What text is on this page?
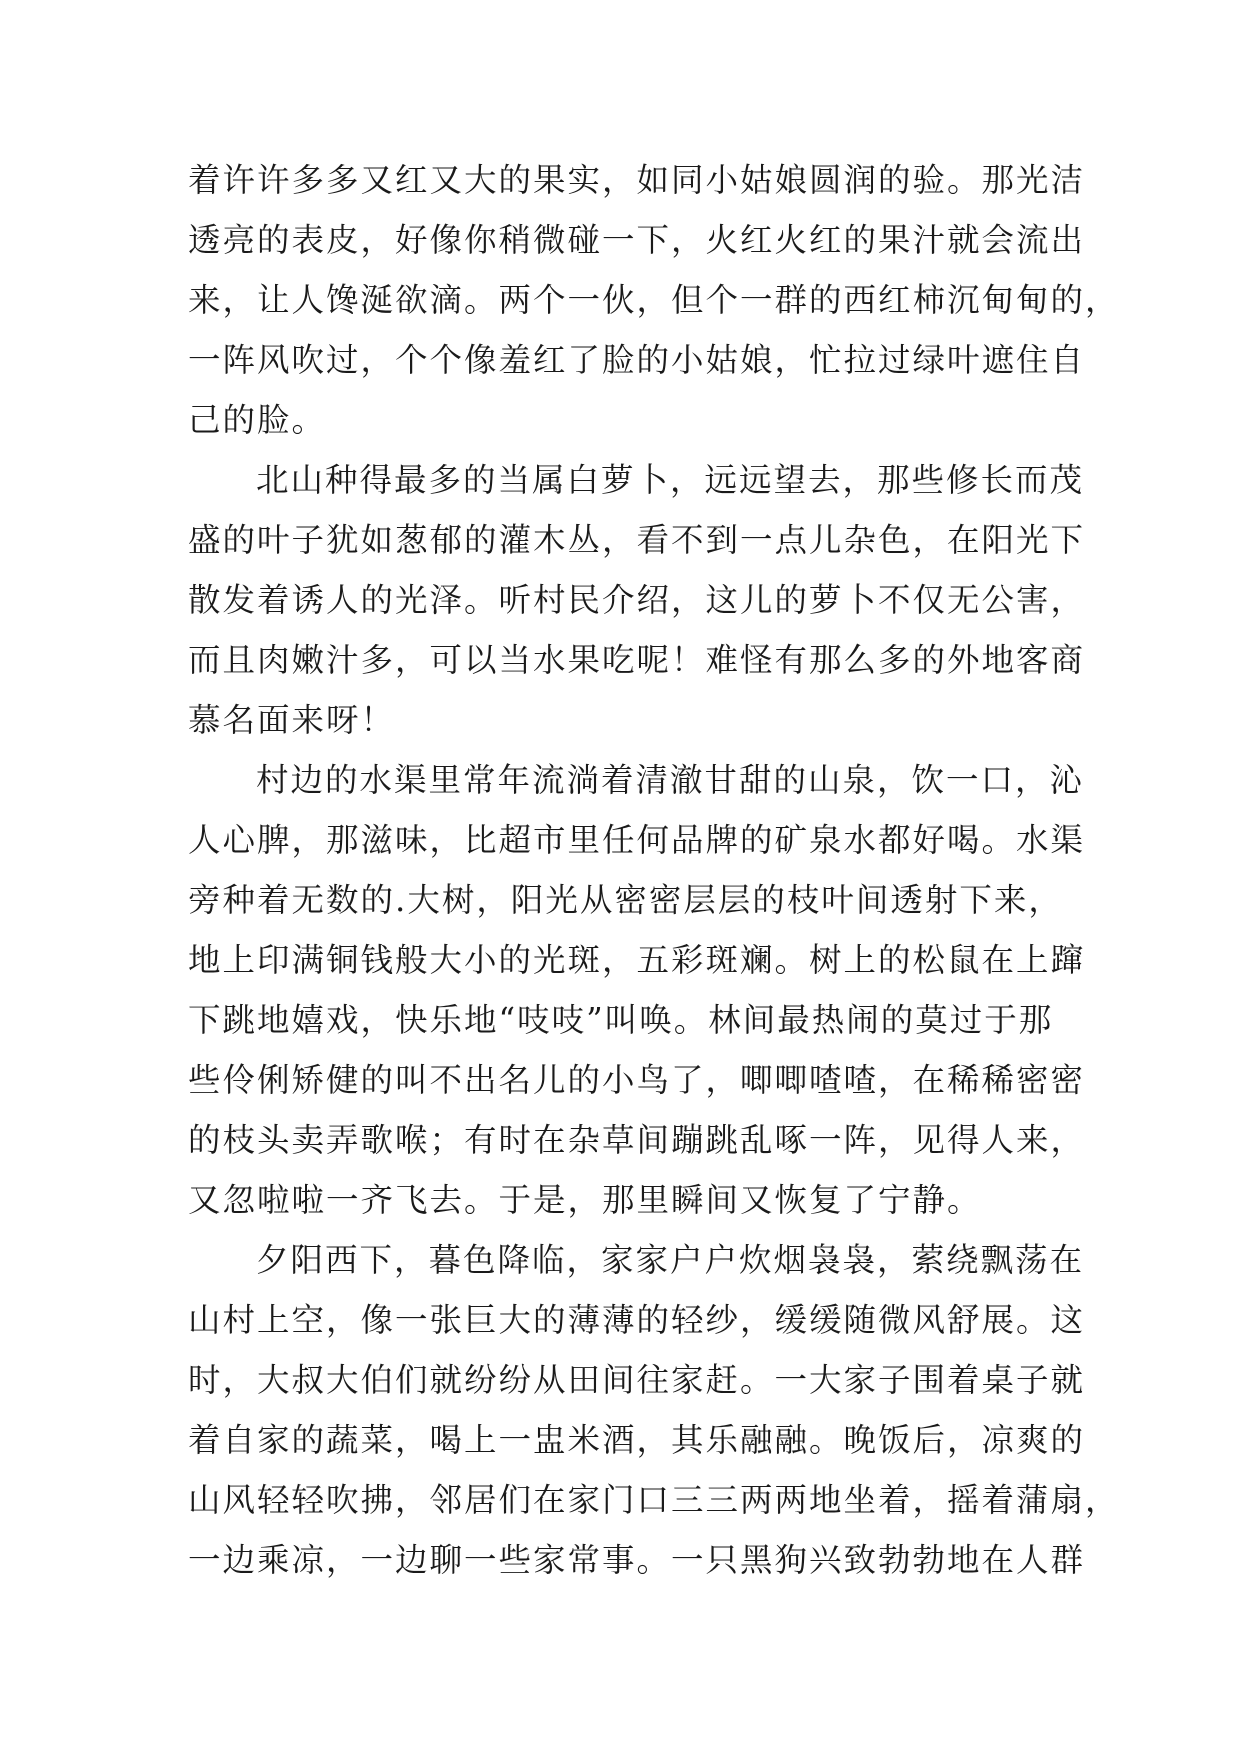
着许许多多又红又大的果实，如同小姑娘圆润的验。那光洁
透亮的表皮，好像你稍微碰一下，火红火红的果汁就会流出
来，让人馋涎欲滴。两个一伙，但个一群的西红柿沉甸甸的，
一阵风吹过，个个像羞红了脸的小姑娘，忙拉过绿叶遮住自
己的脸。
北山种得最多的当属白萝卜，远远望去，那些修长而茂
盛的叶子犹如葱郁的灌木丛，看不到一点儿杂色，在阳光下
散发着诱人的光泽。听村民介绍，这儿的萝卜不仅无公害，
而且肉嫩汁多，可以当水果吃呢！难怪有那么多的外地客商
慕名面来呀！
村边的水渠里常年流淌着清澈甘甜的山泉，饮一口，沁
人心脾，那滋味，比超市里任何品牌的矿泉水都好喝。水渠
旁种着无数的.大树，阳光从密密层层的枝叶间透射下来，
地上印满铜钱般大小的光斑，五彩斑斓。树上的松鼠在上蹿
下跳地嬉戏，快乐地“吱吱”叫唤。林间最热闹的莫过于那
些伶俐矫健的叫不出名儿的小鸟了，唧唧喳喳，在稀稀密密
的枝头卖弄歌喉；有时在杂草间蹦跳乱啄一阵，见得人来，
又忽啦啦一齐飞去。于是，那里瞬间又恢复了宁静。
夕阳西下，暮色降临，家家户户炊烟袅袅，萦绕飘荡在
山村上空，像一张巨大的薄薄的轻纱，缓缓随微风舒展。这
时，大叔大伯们就纷纷从田间往家赶。一大家子围着桌子就
着自家的蔬菜，喝上一盅米酒，其乐融融。晚饭后，凉爽的
山风轻轻吹拂，邻居们在家门口三三两两地坐着，摇着蒲扇，
一边乘凉，一边聊一些家常事。一只黑狗兴致勃勃地在人群
